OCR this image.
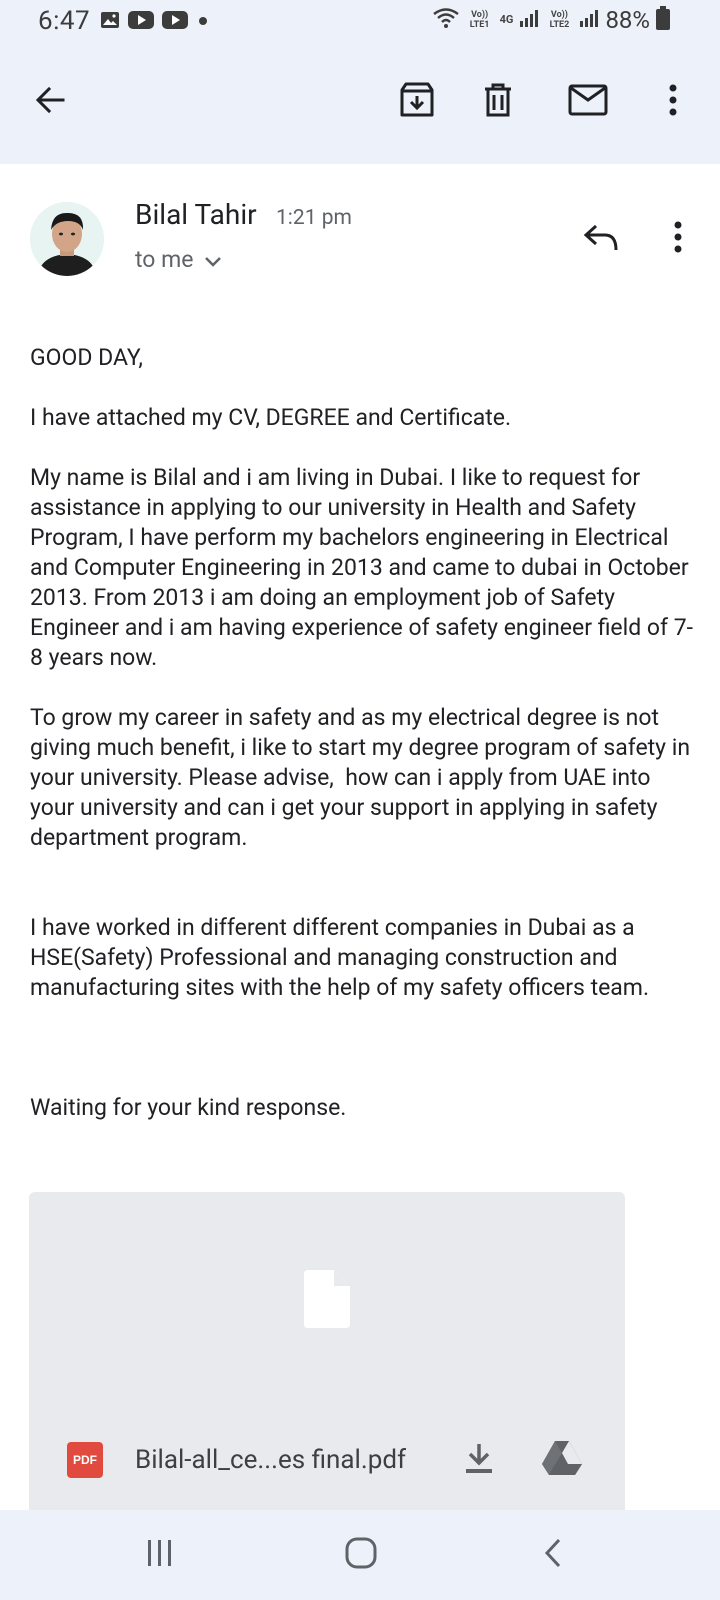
6:47	Vo)) LTE1 4G	Vo)) LTE2 88%
Bilal Tahir 1:21 pm
to me

GOOD DAY,

I have attached my CV, DEGREE and Certificate.

My name is Bilal and i am living in Dubai. I like to request for assistance in applying to our university in Health and Safety Program, I have perform my bachelors engineering in Electrical and Computer Engineering in 2013 and came to dubai in October 2013. From 2013 i am doing an employment job of Safety Engineer and i am having experience of safety engineer field of 7-8 years now.

To grow my career in safety and as my electrical degree is not giving much benefit, i like to start my degree program of safety in your university. Please advise,  how can i apply from UAE into your university and can i get your support in applying in safety department program.

I have worked in different different companies in Dubai as a HSE(Safety) Professional and managing construction and manufacturing sites with the help of my safety officers team.

Waiting for your kind response.

PDF Bilal-all_ce...es final.pdf
